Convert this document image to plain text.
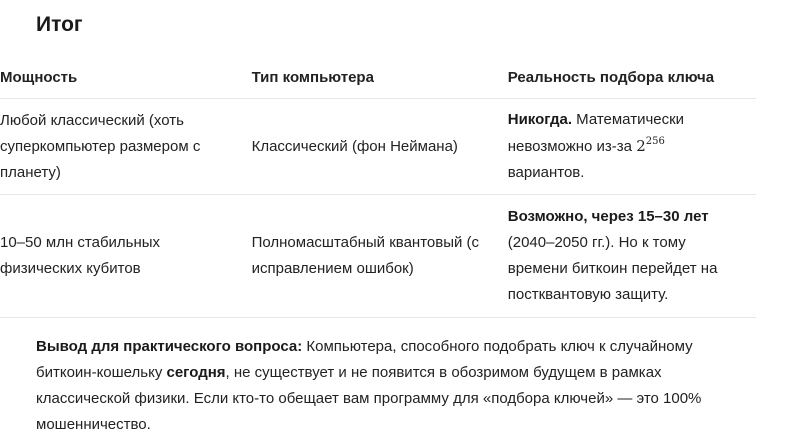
Итог
Мощность	Тип компьютера	Реальность подбора ключа

Любой классический (хоть
суперкомпьютер размером с
планету)	Классический (фон Неймана)	Никогда. Математически
невозможно из-за $2^{256}$
вариантов.

10–50 млн стабильных
физических кубитов	Полномасштабный квантовый (с
исправлением ошибок)	Возможно, через 15–30 лет
(2040–2050 гг.). Но к тому
времени биткоин перейдет на
постквантовую защиту.
Вывод для практического вопроса: Компьютера, способного подобрать ключ к случайному
биткоин-кошельку сегодня, не существует и не появится в обозримом будущем в рамках
классической физики. Если кто-то обещает вам программу для «подбора ключей» — это 100%
мошенничество.
